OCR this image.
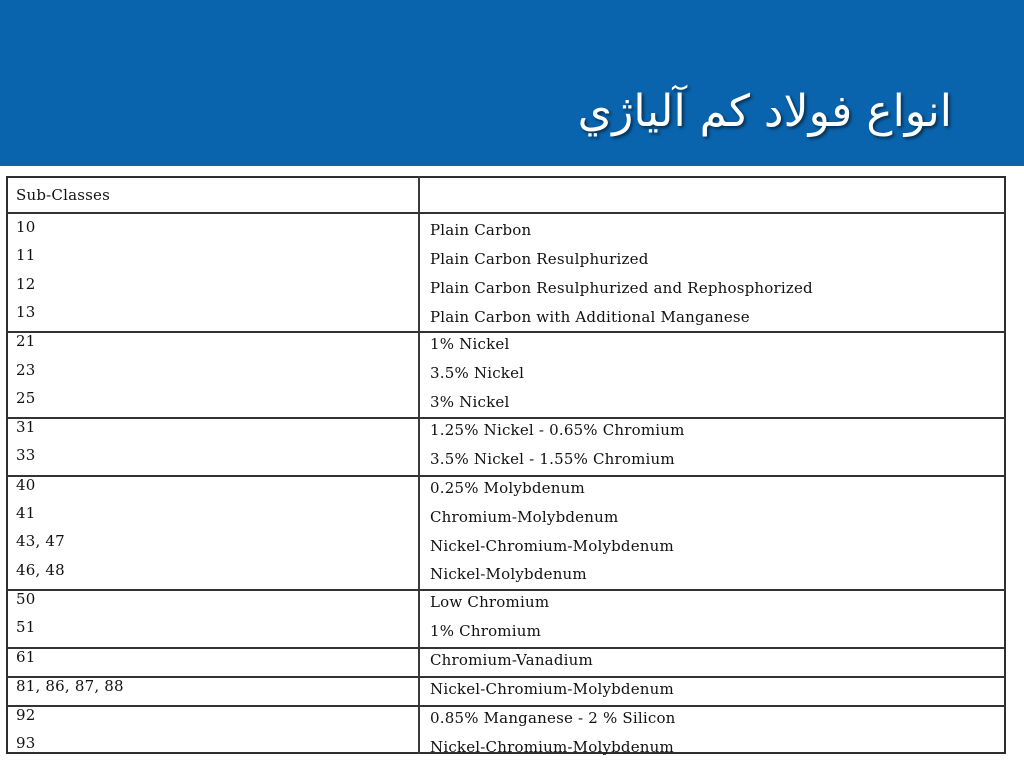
انواع فولاد کم آلیاژي
Sub-Classes
10	Plain Carbon
11	Plain Carbon Resulphurized
12	Plain Carbon Resulphurized and Rephosphorized
13	Plain Carbon with Additional Manganese
21	1% Nickel
23	3.5% Nickel
25	3% Nickel
31	1.25% Nickel - 0.65% Chromium
33	3.5% Nickel - 1.55% Chromium
40	0.25% Molybdenum
41	Chromium-Molybdenum
43, 47	Nickel-Chromium-Molybdenum
46, 48	Nickel-Molybdenum
50	Low Chromium
51	1% Chromium
61	Chromium-Vanadium
81, 86, 87, 88	Nickel-Chromium-Molybdenum
92	0.85% Manganese - 2 % Silicon
93	Nickel-Chromium-Molybdenum
